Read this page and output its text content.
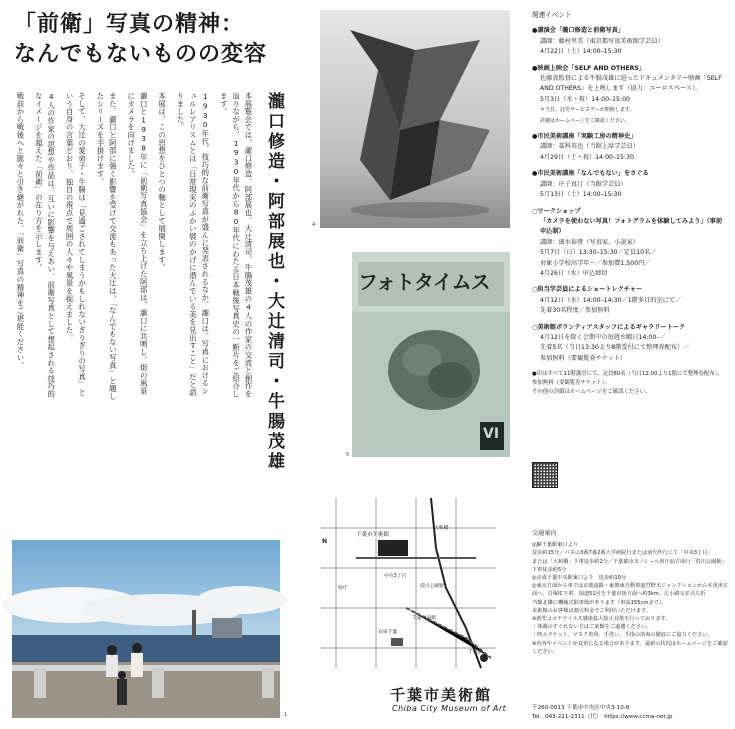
「前衛」写真の精神：
なんでもないものの変容
瀧口修造・阿部展也・大辻清司・牛腸茂雄

本展覧会では、瀧口修造、阿部展也、大辻清司、牛腸茂雄の4人の作家の交流と創作を辿りながら、1930年代から80年代にわたる日本戦後写真史の一断片をご紹介します。

1930年代、技巧的な前衛写真が盛んに発表されるなか、瀧口は、写真におけるシュルレアリスムとは「日常現実のふかい襞のかげに潜んでいる美を見出すこと」だと語りました。

本展は、この思想をひとつの軸として展開します。

瀧口と1938年に「前衛写真協会」を立ち上げた阿部は、瀧口に共鳴し、街の風景にカメラを向けました。

また、瀧口と阿部に強く影響を受けて交流もあった大辻は、「なんでもない写真」と題したシリーズを手掛けます。

そして、大辻の愛弟子・牛腸は「見過ごされてしまうかもしれないぎりぎりの写真」という自身の言葉どおり、独自の視点で周囲の人々や風景を捉えました。

4人の作家の思想や作品は、互いに影響を与えあい、前衛写真として想起される技巧的なイメージを超えた「前衛」の在り方を示します。

戦前から戦後へと脈々と引き継がれた、「前衛」写真の精神をご堪能ください。	4
フォトタイムス
VI
5
1
関連イベント
●講演会「瀧口修造と前衛写真」
講師：藤村里美（東京都写真美術館学芸員）
4月22日（土）14:00–15:30
●映画上映会「SELF AND OTHERS」
佐藤真監督による牛腸茂雄に迫ったドキュメンタリー映画『SELF AND OTHERS』を上映します（協力：ユーロスペース）。
5月3日（水・祝）14:00–15:00
＊当日、託児サービスデーが開催します。
詳細はホームページをご確認ください。
●市民美術講座「実験工房の精神史」
講師：藁科英也（当館上席学芸員）
4月29日（土・祝）14:00–15:30
●市民美術講座「なんでもない」をさぐる
講師：庄子真汀（当館学芸員）
5月13日（土）14:00–15:30
○ワークショップ
「カメラを使わない写真！フォトグラムを体験してみよう」（事前申込制）
講師：濱水裕貴（写真家、小説家）
5月7日（日）13:30–15:30／定員10名／
対象小学校高学年〜／参加費1,500円／
4月26日（水）申込締切
○担当学芸員によるショートレクチャー
4月12日（水）14:00–14:30／1階多目的室にて／
先着30名程度／参加無料
○美術館ボランティアスタッフによるギャラリートーク
4月12日を除く会期中の毎週水曜日14:00–／
先着5名（当日13:30より8階受付にて整理券配布）／
参加無料（要観覧券チケット）
●印はすべて11階講堂にて、定員80名（当日12:00より1階にて整理券配布）、参加無料（要観覧券チケット）。
その他の詳細はホームページをご確認ください。
交通案内
◎JR千葉駅東口より
徒歩約15分／バスの3番7番2番大学病院行または南矢作行にて「中央3丁目」
または「大和橋」下車徒歩約2分／千葉都市モノレール県庁前方面行「葭川公園駅」下車徒歩約5分
◎京成千葉中央駅東口より　徒歩約10分
◎東京方面から車では京葉道路・東関東自動車道宮野木ジャンクションから木更津方面へ、貝塚IC下車、国道51号を千葉市街方面へ約3km。広小路交差点左折
当館北隣に機械式駐車場があります（車高155cmまで）。
美術館のお客様は割引料金でご利用いただけます。
※新型コロナウイルス感染拡大防止対策を行っております。
・体調のすぐれない方はご来館をご遠慮ください。
・咳エチケット、マスク着用、手洗い、手指の消毒の徹底にご協力ください。
※内容やイベントが変更になる場合があります。最新の状況はホームページをご確認ください。
千葉市美術館
中央3丁目
大和橋
葭川公園駅
千葉中央駅
京成千葉
千葉駅
県庁
N
千葉市美術館
Chiba City Museum of Art	〒260-0013 千葉市中央区中央3-10-8
Tel：043-221-2311（代）　https://www.ccma-net.jp
